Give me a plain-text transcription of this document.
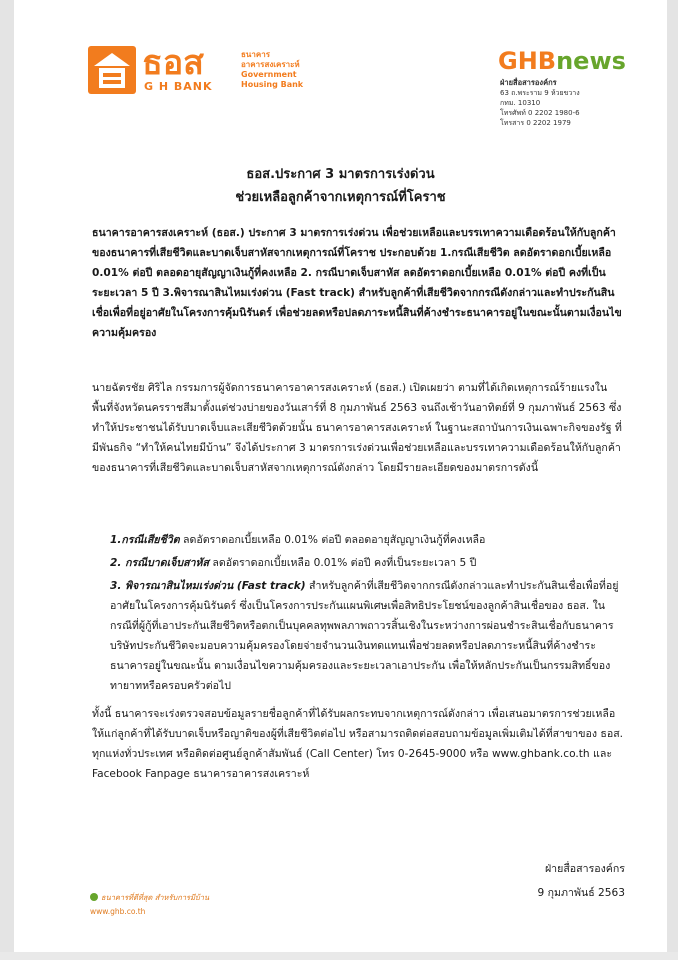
ธอส
G H BANK
ธนาคาร
อาคารสงเคราะห์
Government
Housing Bank
GHBnews
ฝ่ายสื่อสารองค์กร
63 ถ.พระราม 9 ห้วยขวาง
กทม. 10310
โทรศัพท์ 0 2202 1980-6
โทรสาร 0 2202 1979
ธอส.ประกาศ 3 มาตรการเร่งด่วน
ช่วยเหลือลูกค้าจากเหตุการณ์ที่โคราช
ธนาคารอาคารสงเคราะห์ (ธอส.) ประกาศ 3 มาตรการเร่งด่วน เพื่อช่วยเหลือและบรรเทาความเดือดร้อนให้กับลูกค้าของธนาคารที่เสียชีวิตและบาดเจ็บสาหัสจากเหตุการณ์ที่โคราช ประกอบด้วย 1.กรณีเสียชีวิต ลดอัตราดอกเบี้ยเหลือ 0.01% ต่อปี ตลอดอายุสัญญาเงินกู้ที่คงเหลือ 2. กรณีบาดเจ็บสาหัส ลดอัตราดอกเบี้ยเหลือ 0.01% ต่อปี คงที่เป็นระยะเวลา 5 ปี 3.พิจารณาสินไหมเร่งด่วน (Fast track) สำหรับลูกค้าที่เสียชีวิตจากกรณีดังกล่าวและทำประกันสินเชื่อเพื่อที่อยู่อาศัยในโครงการคุ้มนิรันดร์ เพื่อช่วยลดหรือปลดภาระหนี้สินที่ค้างชำระธนาคารอยู่ในขณะนั้นตามเงื่อนไขความคุ้มครอง
นายฉัตรชัย ศิริไล กรรมการผู้จัดการธนาคารอาคารสงเคราะห์ (ธอส.) เปิดเผยว่า ตามที่ได้เกิดเหตุการณ์ร้ายแรงในพื้นที่จังหวัดนครราชสีมาตั้งแต่ช่วงบ่ายของวันเสาร์ที่ 8 กุมภาพันธ์ 2563 จนถึงเช้าวันอาทิตย์ที่ 9 กุมภาพันธ์ 2563 ซึ่งทำให้ประชาชนได้รับบาดเจ็บและเสียชีวิตด้วยนั้น ธนาคารอาคารสงเคราะห์ ในฐานะสถาบันการเงินเฉพาะกิจของรัฐ ที่มีพันธกิจ “ทำให้คนไทยมีบ้าน” จึงได้ประกาศ 3 มาตรการเร่งด่วนเพื่อช่วยเหลือและบรรเทาความเดือดร้อนให้กับลูกค้าของธนาคารที่เสียชีวิตและบาดเจ็บสาหัสจากเหตุการณ์ดังกล่าว โดยมีรายละเอียดของมาตรการดังนี้
1.กรณีเสียชีวิต ลดอัตราดอกเบี้ยเหลือ 0.01% ต่อปี ตลอดอายุสัญญาเงินกู้ที่คงเหลือ
2. กรณีบาดเจ็บสาหัส ลดอัตราดอกเบี้ยเหลือ 0.01% ต่อปี คงที่เป็นระยะเวลา 5 ปี
3. พิจารณาสินไหมเร่งด่วน (Fast track) สำหรับลูกค้าที่เสียชีวิตจากกรณีดังกล่าวและทำประกันสินเชื่อเพื่อที่อยู่อาศัยในโครงการคุ้มนิรันดร์ ซึ่งเป็นโครงการประกันแผนพิเศษเพื่อสิทธิประโยชน์ของลูกค้าสินเชื่อของ ธอส. ในกรณีที่ผู้กู้ที่เอาประกันเสียชีวิตหรือตกเป็นบุคคลทุพพลภาพถาวรสิ้นเชิงในระหว่างการผ่อนชำระสินเชื่อกับธนาคาร บริษัทประกันชีวิตจะมอบความคุ้มครองโดยจ่ายจำนวนเงินทดแทนเพื่อช่วยลดหรือปลดภาระหนี้สินที่ค้างชำระธนาคารอยู่ในขณะนั้น ตามเงื่อนไขความคุ้มครองและระยะเวลาเอาประกัน เพื่อให้หลักประกันเป็นกรรมสิทธิ์ของทายาทหรือครอบครัวต่อไป
ทั้งนี้ ธนาคารจะเร่งตรวจสอบข้อมูลรายชื่อลูกค้าที่ได้รับผลกระทบจากเหตุการณ์ดังกล่าว เพื่อเสนอมาตรการช่วยเหลือให้แก่ลูกค้าที่ได้รับบาดเจ็บหรือญาติของผู้ที่เสียชีวิตต่อไป หรือสามารถติดต่อสอบถามข้อมูลเพิ่มเติมได้ที่สาขาของ ธอส. ทุกแห่งทั่วประเทศ หรือติดต่อศูนย์ลูกค้าสัมพันธ์ (Call Center) โทร 0-2645-9000 หรือ www.ghbank.co.th และ Facebook Fanpage ธนาคารอาคารสงเคราะห์
ฝ่ายสื่อสารองค์กร
9 กุมภาพันธ์ 2563
ธนาคารที่ดีที่สุด สำหรับการมีบ้าน
www.ghb.co.th
